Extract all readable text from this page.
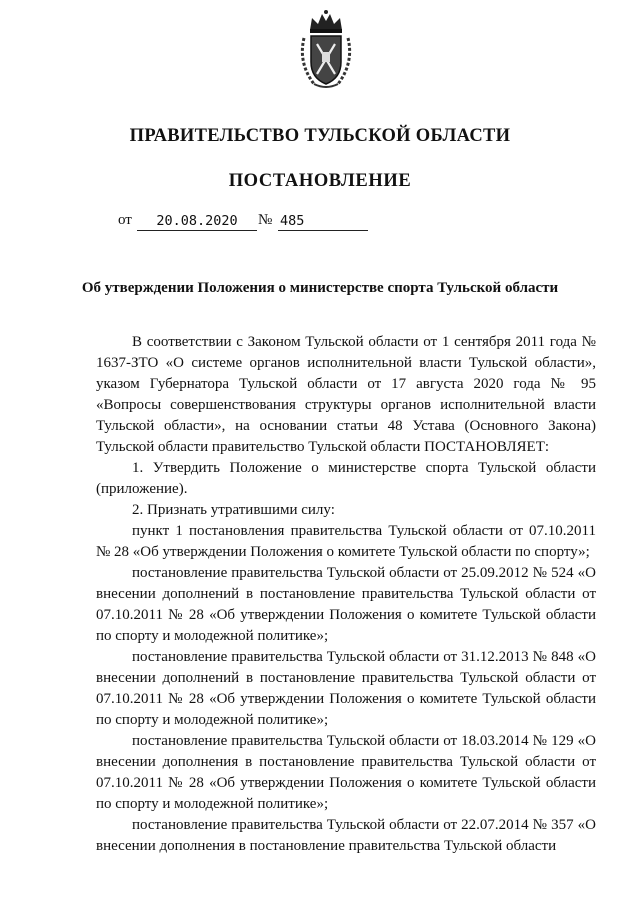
ПРАВИТЕЛЬСТВО ТУЛЬСКОЙ ОБЛАСТИ
ПОСТАНОВЛЕНИЕ
от	20.08.2020	№ 485
Об утверждении Положения о министерстве спорта Тульской области

В соответствии с Законом Тульской области от 1 сентября 2011 года № 1637-ЗТО «О системе органов исполнительной власти Тульской области», указом Губернатора Тульской области от 17 августа 2020 года № 95 «Вопросы совершенствования структуры органов исполнительной власти Тульской области», на основании статьи 48 Устава (Основного Закона) Тульской области правительство Тульской области ПОСТАНОВЛЯЕТ:

1. Утвердить Положение о министерстве спорта Тульской области (приложение).

2. Признать утратившими силу:

пункт 1 постановления правительства Тульской области от 07.10.2011 № 28 «Об утверждении Положения о комитете Тульской области по спорту»;

постановление правительства Тульской области от 25.09.2012 № 524 «О внесении дополнений в постановление правительства Тульской области от 07.10.2011 № 28 «Об утверждении Положения о комитете Тульской области по спорту и молодежной политике»;

постановление правительства Тульской области от 31.12.2013 № 848 «О внесении дополнений в постановление правительства Тульской области от 07.10.2011 № 28 «Об утверждении Положения о комитете Тульской области по спорту и молодежной политике»;

постановление правительства Тульской области от 18.03.2014 № 129 «О внесении дополнения в постановление правительства Тульской области от 07.10.2011 № 28 «Об утверждении Положения о комитете Тульской области по спорту и молодежной политике»;

постановление правительства Тульской области от 22.07.2014 № 357 «О внесении дополнения в постановление правительства Тульской области
